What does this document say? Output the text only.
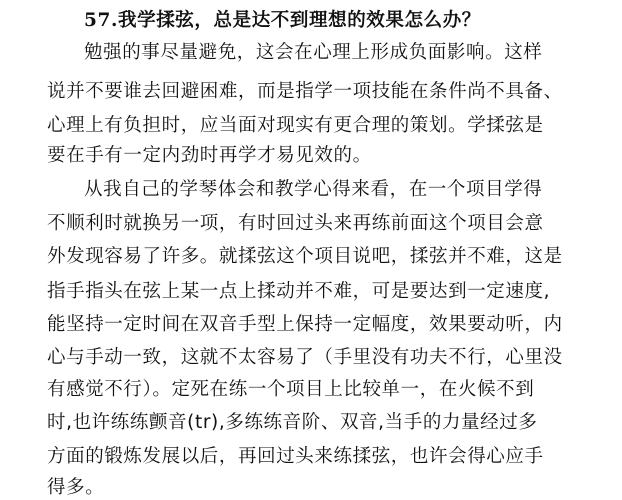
57.我学揉弦，总是达不到理想的效果怎么办？
勉强的事尽量避免，这会在心理上形成负面影响。这样
说并不要谁去回避困难，而是指学一项技能在条件尚不具备、
心理上有负担时，应当面对现实有更合理的策划。学揉弦是
要在手有一定内劲时再学才易见效的。
从我自己的学琴体会和教学心得来看，在一个项目学得
不顺利时就换另一项，有时回过头来再练前面这个项目会意
外发现容易了许多。就揉弦这个项目说吧，揉弦并不难，这是
指手指头在弦上某一点上揉动并不难，可是要达到一定速度,
能坚持一定时间在双音手型上保持一定幅度，效果要动听，内
心与手动一致，这就不太容易了（手里没有功夫不行，心里没
有感觉不行）。定死在练一个项目上比较单一，在火候不到
时,也许练练颤音(tr),多练练音阶、双音,当手的力量经过多
方面的锻炼发展以后，再回过头来练揉弦，也许会得心应手
得多。
